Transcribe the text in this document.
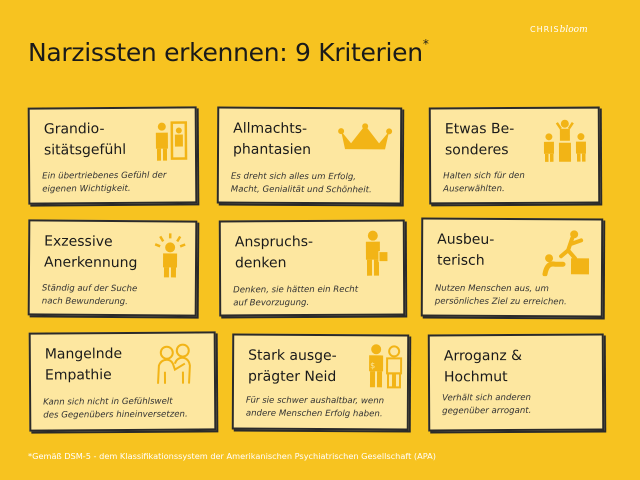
Narzissten erkennen: 9 Kriterien*
CHRISbloom
Grandio-
sitätsgefühl
Ein übertriebenes Gefühl der
eigenen Wichtigkeit.
Allmachts-
phantasien
Es dreht sich alles um Erfolg,
Macht, Genialität und Schönheit.
Etwas Be-
sonderes
Halten sich für den
Auserwählten.
Exzessive
Anerkennung
Ständig auf der Suche
nach Bewunderung.
Anspruchs-
denken
Denken, sie hätten ein Recht
auf Bevorzugung.
Ausbeu-
terisch
Nutzen Menschen aus, um
persönliches Ziel zu erreichen.
Mangelnde
Empathie
Kann sich nicht in Gefühlswelt
des Gegenübers hineinversetzen.
Stark ausge-
prägter Neid
Für sie schwer aushaltbar, wenn
andere Menschen Erfolg haben.
$
Arroganz &
Hochmut
Verhält sich anderen
gegenüber arrogant.
*Gemäß DSM-5 - dem Klassifikationssystem der Amerikanischen Psychiatrischen Gesellschaft (APA)
